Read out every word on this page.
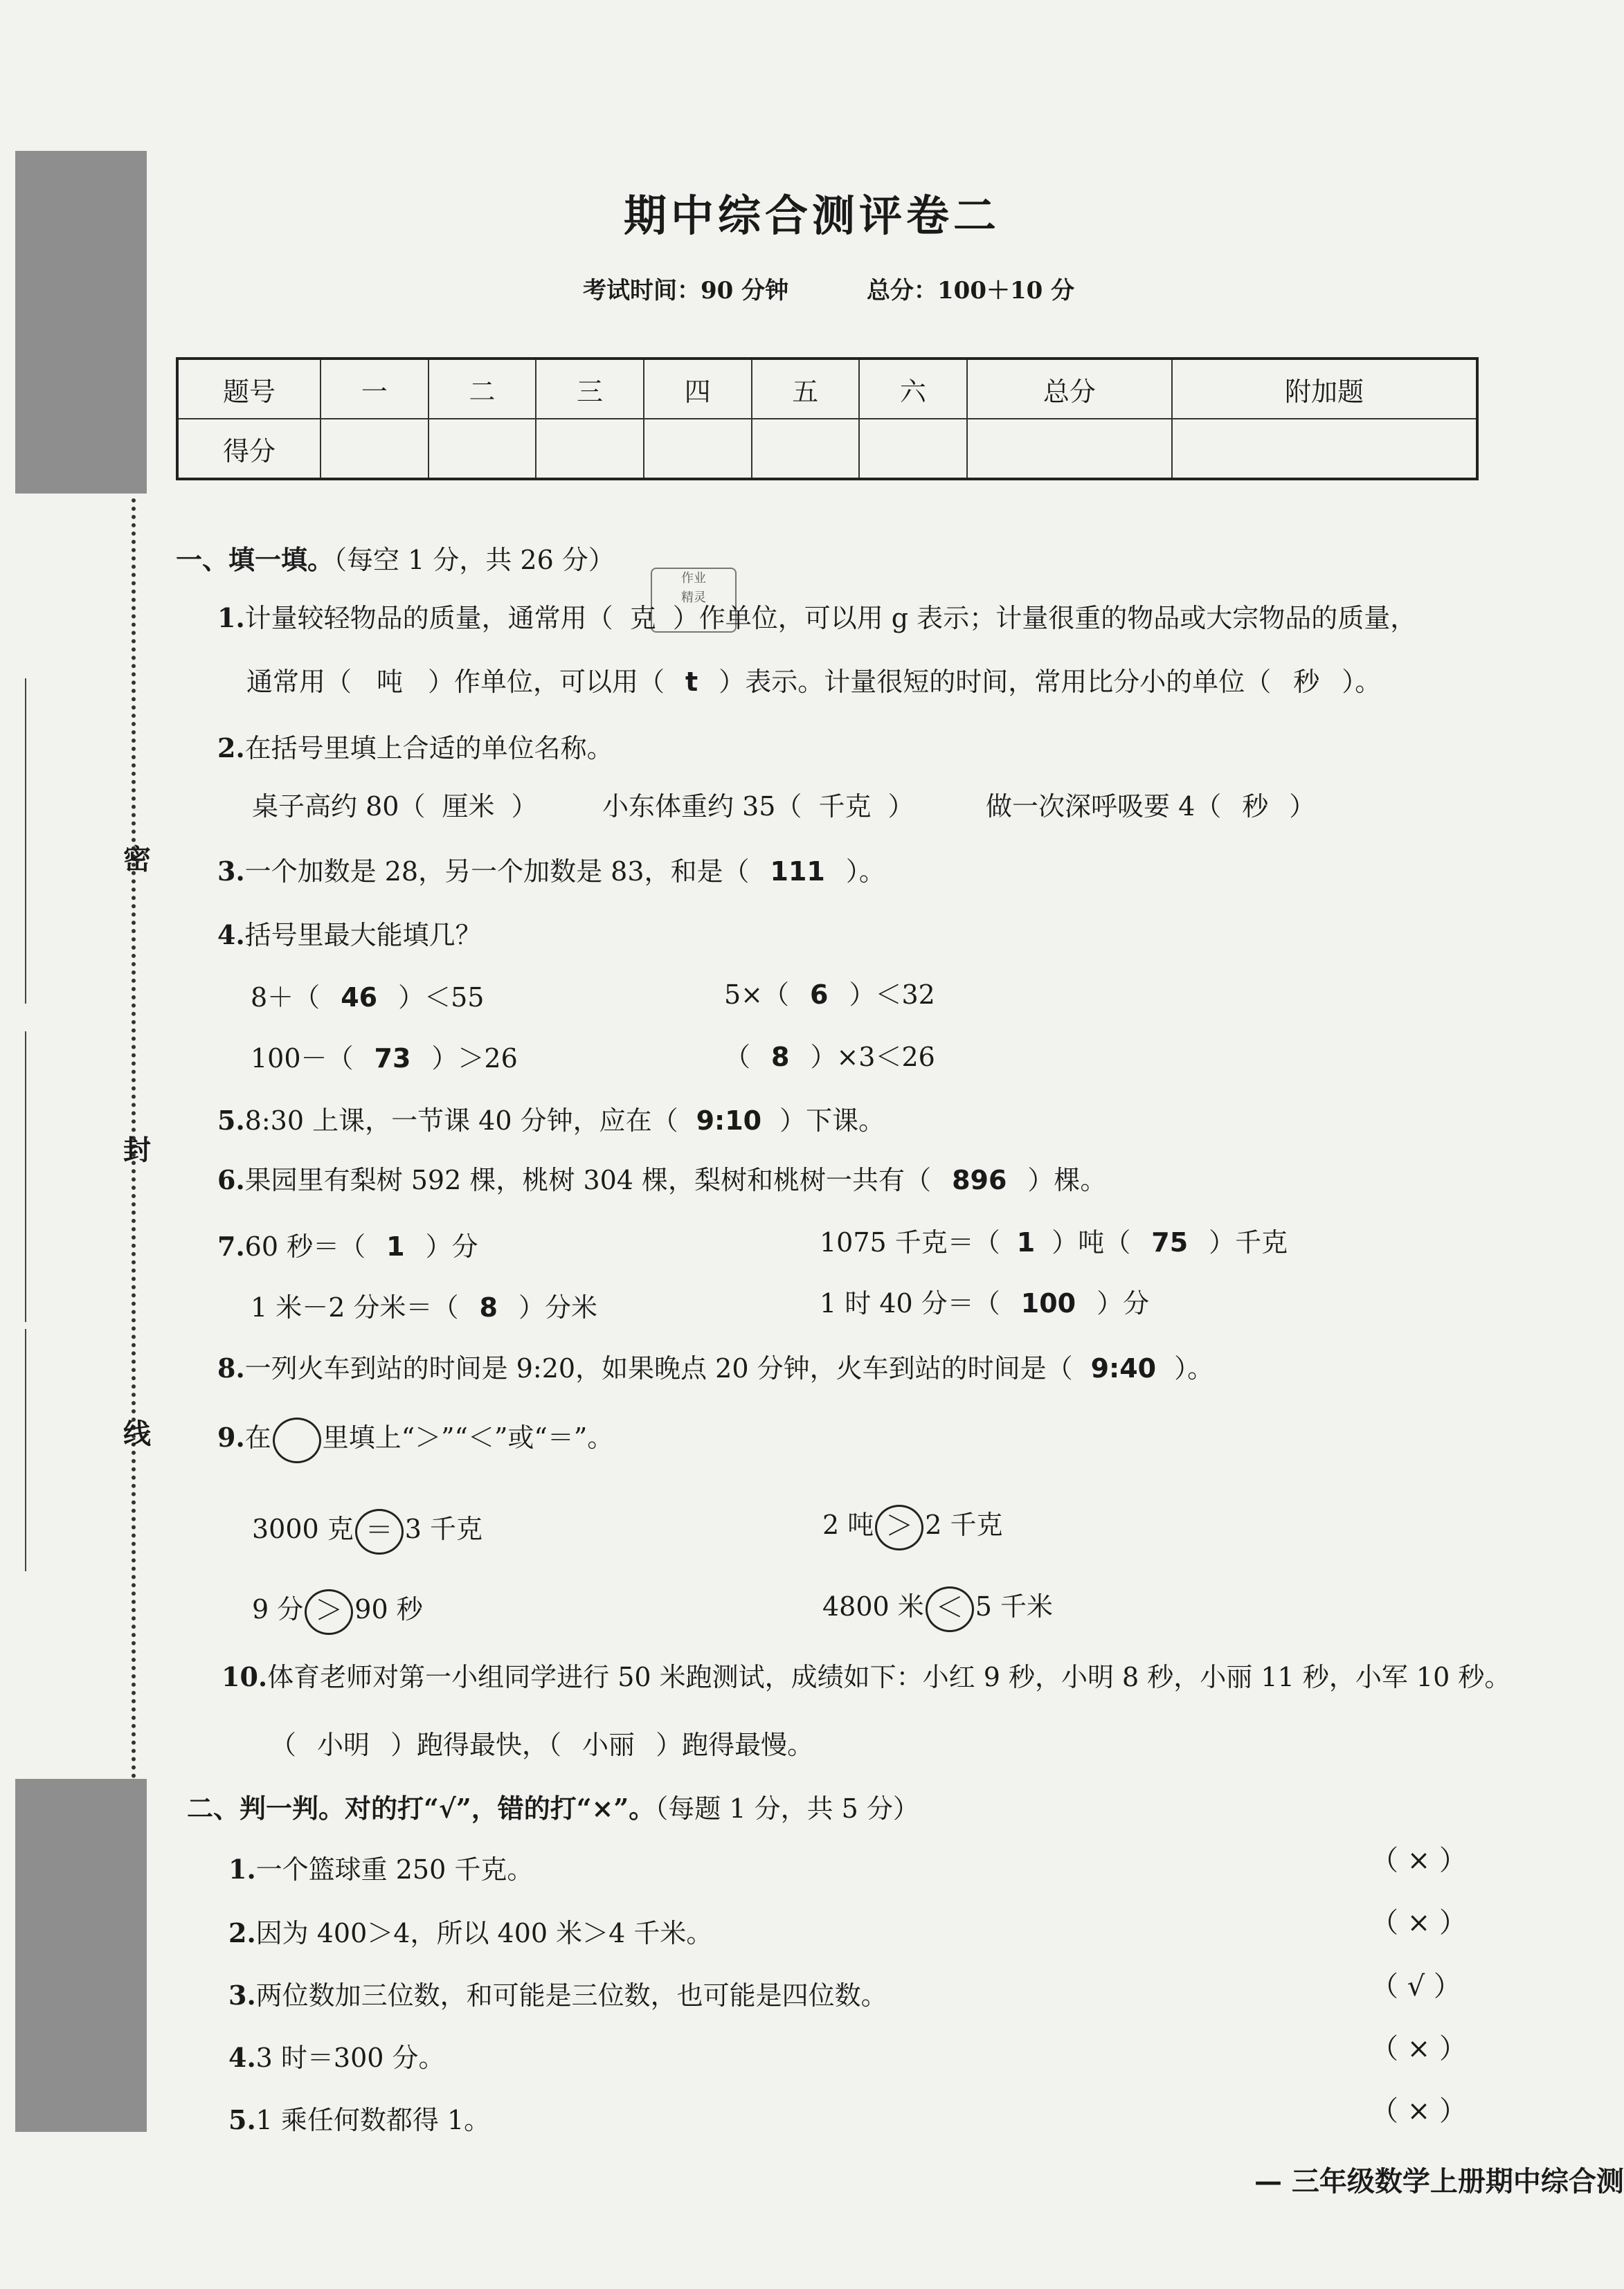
密
封
线
期中综合测评卷二
考试时间：90 分钟	总分：100＋10 分
题号	一	二	三	四	五	六	总分	附加题
得分								
作业
精灵
一、填一填。（每空 1 分，共 26 分）
1.计量较轻物品的质量，通常用（ 克 ）作单位，可以用 g 表示；计量很重的物品或大宗物品的质量，
通常用（ 吨 ）作单位，可以用（ t ）表示。计量很短的时间，常用比分小的单位（ 秒 ）。
2.在括号里填上合适的单位名称。
桌子高约 80（ 厘米 ） 小东体重约 35（ 千克 ）	做一次深呼吸要 4（ 秒 ）
3.一个加数是 28，另一个加数是 83，和是（ 111 ）。
4.括号里最大能填几？
8＋（ 46 ）＜55	5×（ 6 ）＜32
100－（ 73 ）＞26	（ 8 ）×3＜26
5.8:30 上课，一节课 40 分钟，应在（ 9:10 ）下课。
6.果园里有梨树 592 棵，桃树 304 棵，梨树和桃树一共有（ 896 ）棵。
7.60 秒＝（ 1 ）分	1075 千克＝（ 1 ）吨（ 75 ）千克
1 米－2 分米＝（ 8 ）分米	1 时 40 分＝（ 100 ）分
8.一列火车到站的时间是 9:20，如果晚点 20 分钟，火车到站的时间是（ 9:40 ）。
9.在 里填上“＞”“＜”或“＝”。
3000 克 ＝ 3 千克	2 吨 ＞ 2 千克
9 分 ＞ 90 秒	4800 米 ＜ 5 千米
10.体育老师对第一小组同学进行 50 米跑测试，成绩如下：小红 9 秒，小明 8 秒，小丽 11 秒，小军 10 秒。
（ 小明 ）跑得最快，（ 小丽 ）跑得最慢。
二、判一判。对的打“√”，错的打“×”。（每题 1 分，共 5 分）
1.一个篮球重 250 千克。	（ × ）
2.因为 400＞4，所以 400 米＞4 千米。	（ × ）
3.两位数加三位数，和可能是三位数，也可能是四位数。	（ √ ）
4.3 时＝300 分。	（ × ）
5.1 乘任何数都得 1。	（ × ）
— 三年级数学上册期中综合测
